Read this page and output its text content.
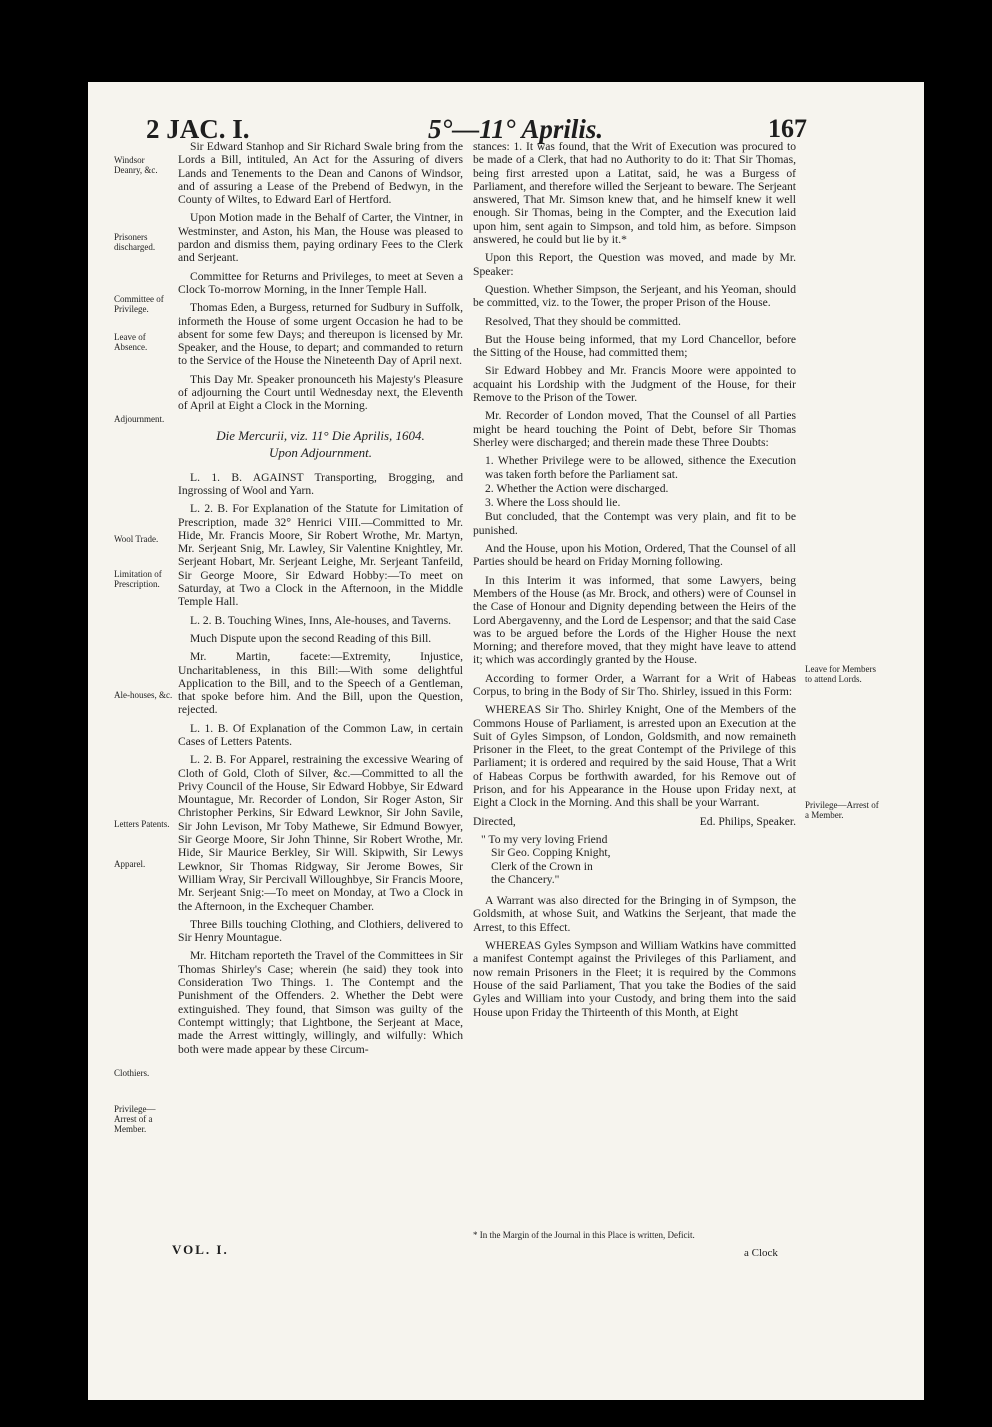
2 JAC. I.	5°—11° Aprilis.	167
Windsor Deanry, &c.
Prisoners discharged.
Committee of Privilege.
Leave of Absence.
Adjournment.
Wool Trade.
Limitation of Prescription.
Ale-houses, &c.
Letters Patents.
Apparel.
Clothiers.
Privilege—Arrest of a Member.
Leave for Members to attend Lords.
Privilege—Arrest of a Member.

Sir Edward Stanhop and Sir Richard Swale bring from the Lords a Bill, intituled, An Act for the Assuring of divers Lands and Tenements to the Dean and Canons of Windsor, and of assuring a Lease of the Prebend of Bedwyn, in the County of Wiltes, to Edward Earl of Hertford.

Upon Motion made in the Behalf of Carter, the Vintner, in Westminster, and Aston, his Man, the House was pleased to pardon and dismiss them, paying ordinary Fees to the Clerk and Serjeant.

Committee for Returns and Privileges, to meet at Seven a Clock To-morrow Morning, in the Inner Temple Hall.

Thomas Eden, a Burgess, returned for Sudbury in Suffolk, informeth the House of some urgent Occasion he had to be absent for some few Days; and thereupon is licensed by Mr. Speaker, and the House, to depart; and commanded to return to the Service of the House the Nineteenth Day of April next.

This Day Mr. Speaker pronounceth his Majesty's Pleasure of adjourning the Court until Wednesday next, the Eleventh of April at Eight a Clock in the Morning.

Die Mercurii, viz. 11° Die Aprilis, 1604.
Upon Adjournment.

L. 1. B. AGAINST Transporting, Brogging, and Ingrossing of Wool and Yarn.

L. 2. B. For Explanation of the Statute for Limitation of Prescription, made 32° Henrici VIII.—Committed to Mr. Hide, Mr. Francis Moore, Sir Robert Wrothe, Mr. Martyn, Mr. Serjeant Snig, Mr. Lawley, Sir Valentine Knightley, Mr. Serjeant Hobart, Mr. Serjeant Leighe, Mr. Serjeant Tanfeild, Sir George Moore, Sir Edward Hobby:—To meet on Saturday, at Two a Clock in the Afternoon, in the Middle Temple Hall.

L. 2. B. Touching Wines, Inns, Ale-houses, and Taverns.

Much Dispute upon the second Reading of this Bill.

Mr. Martin, facete:—Extremity, Injustice, Uncharitableness, in this Bill:—With some delightful Application to the Bill, and to the Speech of a Gentleman, that spoke before him. And the Bill, upon the Question, rejected.

L. 1. B. Of Explanation of the Common Law, in certain Cases of Letters Patents.

L. 2. B. For Apparel, restraining the excessive Wearing of Cloth of Gold, Cloth of Silver, &c.—Committed to all the Privy Council of the House, Sir Edward Hobbye, Sir Edward Mountague, Mr. Recorder of London, Sir Roger Aston, Sir Christopher Perkins, Sir Edward Lewknor, Sir John Savile, Sir John Levison, Mr Toby Mathewe, Sir Edmund Bowyer, Sir George Moore, Sir John Thinne, Sir Robert Wrothe, Mr. Hide, Sir Maurice Berkley, Sir Will. Skipwith, Sir Lewys Lewknor, Sir Thomas Ridgway, Sir Jerome Bowes, Sir William Wray, Sir Percivall Willoughbye, Sir Francis Moore, Mr. Serjeant Snig:—To meet on Monday, at Two a Clock in the Afternoon, in the Exchequer Chamber.

Three Bills touching Clothing, and Clothiers, delivered to Sir Henry Mountague.

Mr. Hitcham reporteth the Travel of the Committees in Sir Thomas Shirley's Case; wherein (he said) they took into Consideration Two Things. 1. The Contempt and the Punishment of the Offenders. 2. Whether the Debt were extinguished. They found, that Simson was guilty of the Contempt wittingly; that Lightbone, the Serjeant at Mace, made the Arrest wittingly, willingly, and wilfully: Which both were made appear by these Circum-

stances: 1. It was found, that the Writ of Execution was procured to be made of a Clerk, that had no Authority to do it: That Sir Thomas, being first arrested upon a Latitat, said, he was a Burgess of Parliament, and therefore willed the Serjeant to beware. The Serjeant answered, That Mr. Simson knew that, and he himself knew it well enough. Sir Thomas, being in the Compter, and the Execution laid upon him, sent again to Simpson, and told him, as before. Simpson answered, he could but lie by it.*

Upon this Report, the Question was moved, and made by Mr. Speaker:

Question. Whether Simpson, the Serjeant, and his Yeoman, should be committed, viz. to the Tower, the proper Prison of the House.

Resolved, That they should be committed.

But the House being informed, that my Lord Chancellor, before the Sitting of the House, had committed them;

Sir Edward Hobbey and Mr. Francis Moore were appointed to acquaint his Lordship with the Judgment of the House, for their Remove to the Prison of the Tower.

Mr. Recorder of London moved, That the Counsel of all Parties might be heard touching the Point of Debt, before Sir Thomas Sherley were discharged; and therein made these Three Doubts:

1. Whether Privilege were to be allowed, sithence the Execution was taken forth before the Parliament sat.

2. Whether the Action were discharged.

3. Where the Loss should lie.

But concluded, that the Contempt was very plain, and fit to be punished.

And the House, upon his Motion, Ordered, That the Counsel of all Parties should be heard on Friday Morning following.

In this Interim it was informed, that some Lawyers, being Members of the House (as Mr. Brock, and others) were of Counsel in the Case of Honour and Dignity depending between the Heirs of the Lord Abergavenny, and the Lord de Lespensor; and that the said Case was to be argued before the Lords of the Higher House the next Morning; and therefore moved, that they might have leave to attend it; which was accordingly granted by the House.

According to former Order, a Warrant for a Writ of Habeas Corpus, to bring in the Body of Sir Tho. Shirley, issued in this Form:

WHEREAS Sir Tho. Shirley Knight, One of the Members of the Commons House of Parliament, is arrested upon an Execution at the Suit of Gyles Simpson, of London, Goldsmith, and now remaineth Prisoner in the Fleet, to the great Contempt of the Privilege of this Parliament; it is ordered and required by the said House, That a Writ of Habeas Corpus be forthwith awarded, for his Remove out of Prison, and for his Appearance in the House upon Friday next, at Eight a Clock in the Morning. And this shall be your Warrant.

Directed,	Ed. Philips, Speaker.

" To my very loving Friend

Sir Geo. Copping Knight,

Clerk of the Crown in

the Chancery."

A Warrant was also directed for the Bringing in of Sympson, the Goldsmith, at whose Suit, and Watkins the Serjeant, that made the Arrest, to this Effect.

WHEREAS Gyles Sympson and William Watkins have committed a manifest Contempt against the Privileges of this Parliament, and now remain Prisoners in the Fleet; it is required by the Commons House of the said Parliament, That you take the Bodies of the said Gyles and William into your Custody, and bring them into the said House upon Friday the Thirteenth of this Month, at Eight

* In the Margin of the Journal in this Place is written, Deficit.
VOL. I.	a Clock
